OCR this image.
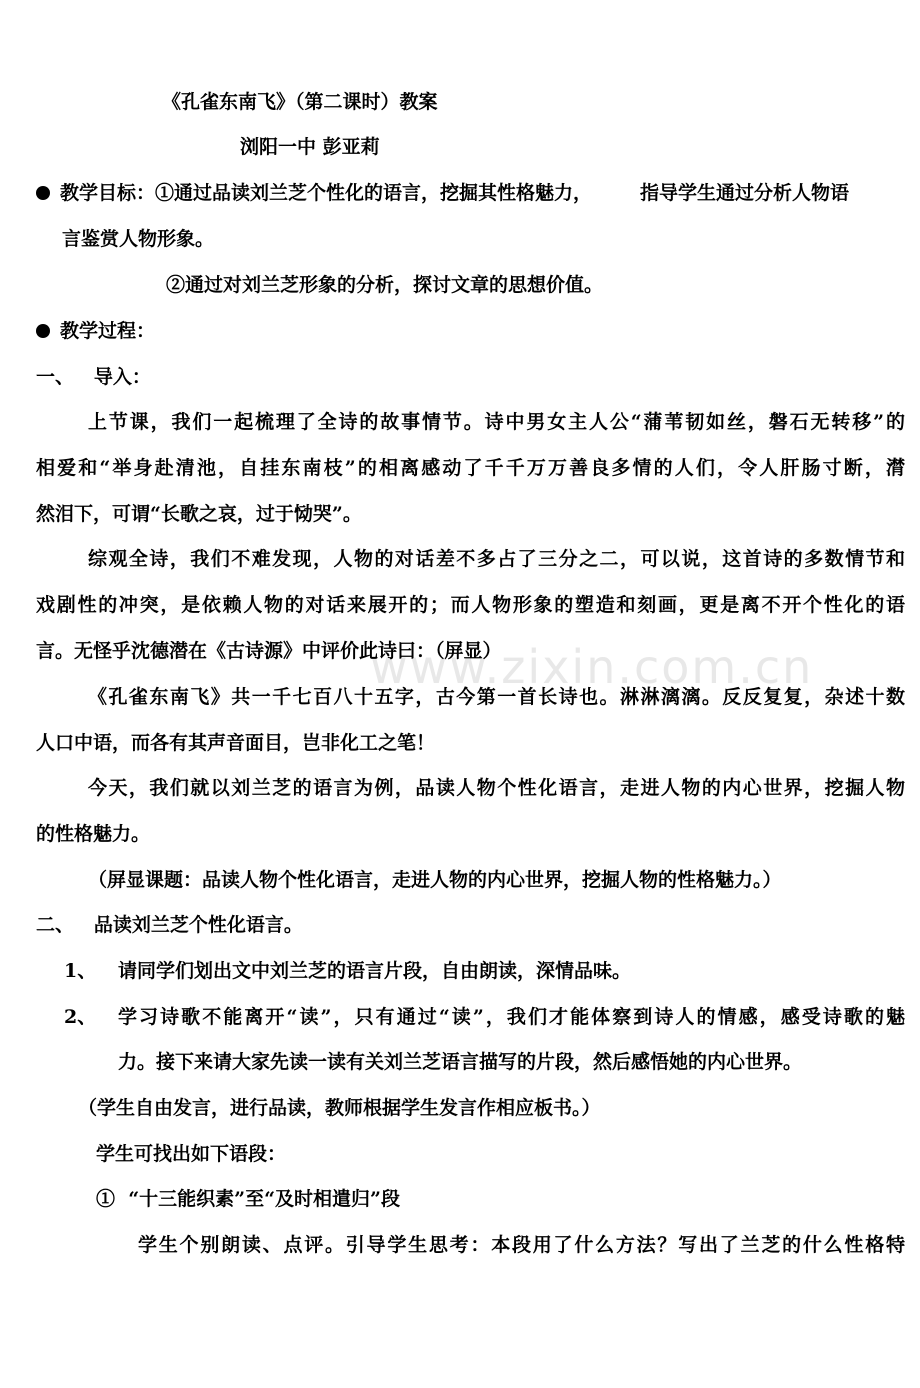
www.zixin.com.cn
《孔雀东南飞》（第二课时）教案
浏阳一中 彭亚莉
教学目标：①通过品读刘兰芝个性化的语言，挖掘其性格魅力，	指导学生通过分析人物语
言鉴赏人物形象。
②通过对刘兰芝形象的分析，探讨文章的思想价值。
教学过程：
一、   导入：
上节课，我们一起梳理了全诗的故事情节。诗中男女主人公“蒲苇韧如丝，磐石无转移”的
相爱和“举身赴清池，自挂东南枝”的相离感动了千千万万善良多情的人们，令人肝肠寸断，潸
然泪下，可谓“长歌之哀，过于恸哭”。
综观全诗，我们不难发现，人物的对话差不多占了三分之二，可以说，这首诗的多数情节和
戏剧性的冲突，是依赖人物的对话来展开的；而人物形象的塑造和刻画，更是离不开个性化的语
言。无怪乎沈德潜在《古诗源》中评价此诗曰：（屏显）
《孔雀东南飞》共一千七百八十五字，古今第一首长诗也。淋淋漓漓。反反复复，杂述十数
人口中语，而各有其声音面目，岂非化工之笔！
今天，我们就以刘兰芝的语言为例，品读人物个性化语言，走进人物的内心世界，挖掘人物
的性格魅力。
（屏显课题：品读人物个性化语言，走进人物的内心世界，挖掘人物的性格魅力。）
二、   品读刘兰芝个性化语言。
1、 请同学们划出文中刘兰芝的语言片段，自由朗读，深情品味。
2、 学习诗歌不能离开“读”，只有通过“读”，我们才能体察到诗人的情感，感受诗歌的魅
力。接下来请大家先读一读有关刘兰芝语言描写的片段，然后感悟她的内心世界。
（学生自由发言，进行品读，教师根据学生发言作相应板书。）
学生可找出如下语段：
①  “十三能织素”至“及时相遣归”段
学生个别朗读、点评。引导学生思考：本段用了什么方法？写出了兰芝的什么性格特
